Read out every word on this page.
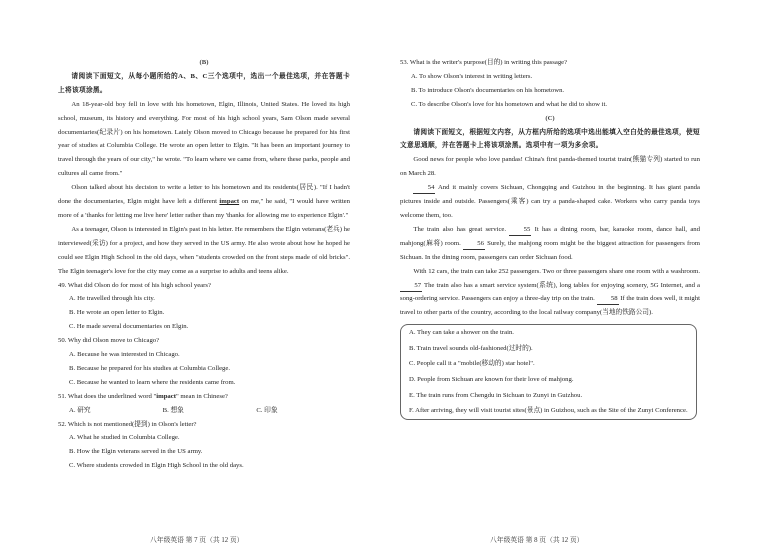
(B)

请阅读下面短文，从每小题所给的A、B、C三个选项中，选出一个最佳选项，并在答题卡上将该项涂黑。

An 18-year-old boy fell in love with his hometown, Elgin, Illinois, United States. He loved its high school, museum, its history and everything. For most of his high school years, Sam Olson made several documentaries(纪录片) on his hometown. Lately Olson moved to Chicago because he prepared for his first year of studies at Columbia College. He wrote an open letter to Elgin. "It has been an important journey to travel through the years of our city," he wrote. "To learn where we came from, where these parks, people and cultures all came from."

Olson talked about his decision to write a letter to his hometown and its residents(居民). "If I hadn't done the documentaries, Elgin might have left a different impact on me," he said, "I would have written more of a 'thanks for letting me live here' letter rather than my 'thanks for allowing me to experience Elgin'."

As a teenager, Olson is interested in Elgin's past in his letter. He remembers the Elgin veterans(老兵) he interviewed(采访) for a project, and how they served in the US army. He also wrote about how he hoped he could see Elgin High School in the old days, when "students crowded on the front steps made of old bricks". The Elgin teenager's love for the city may come as a surprise to adults and teens alike.

49. What did Olson do for most of his high school years?

A. He travelled through his city.

B. He wrote an open letter to Elgin.

C. He made several documentaries on Elgin.

50. Why did Olson move to Chicago?

A. Because he was interested in Chicago.

B. Because he prepared for his studies at Columbia College.

C. Because he wanted to learn where the residents came from.

51. What does the underlined word "impact" mean in Chinese?

A. 研究	B. 想象	C. 印象

52. Which is not mentioned(提到) in Olson's letter?

A. What he studied in Columbia College.

B. How the Elgin veterans served in the US army.

C. Where students crowded in Elgin High School in the old days.

八年级英语 第 7 页（共 12 页）

53. What is the writer's purpose(目的) in writing this passage?

A. To show Olson's interest in writing letters.

B. To introduce Olson's documentaries on his hometown.

C. To describe Olson's love for his hometown and what he did to show it.

(C)

请阅读下面短文，根据短文内容，从方框内所给的选项中选出能填入空白处的最佳选项，使短文意思通顺，并在答题卡上将该项涂黑。选项中有一项为多余项。

Good news for people who love pandas! China's first panda-themed tourist train(熊猫专列) started to run on March 28.

54 And it mainly covers Sichuan, Chongqing and Guizhou in the beginning. It has giant panda pictures inside and outside. Passengers(乘客) can try a panda-shaped cake. Workers who carry panda toys welcome them, too.

The train also has great service. 55 It has a dining room, bar, karaoke room, dance hall, and mahjong(麻将) room. 56 Surely, the mahjong room might be the biggest attraction for passengers from Sichuan. In the dining room, passengers can order Sichuan food.

With 12 cars, the train can take 252 passengers. Two or three passengers share one room with a washroom. 57 The train also has a smart service system(系统), long tables for enjoying scenery, 5G Internet, and a song-ordering service. Passengers can enjoy a three-day trip on the train. 58 If the train does well, it might travel to other parts of the country, according to the local railway company(当地的铁路公司).

A. They can take a shower on the train.

B. Train travel sounds old-fashioned(过时的).

C. People call it a "mobile(移动的) star hotel".

D. People from Sichuan are known for their love of mahjong.

E. The train runs from Chengdu in Sichuan to Zunyi in Guizhou.

F. After arriving, they will visit tourist sites(景点) in Guizhou, such as the Site of the Zunyi Conference.

八年级英语 第 8 页（共 12 页）
